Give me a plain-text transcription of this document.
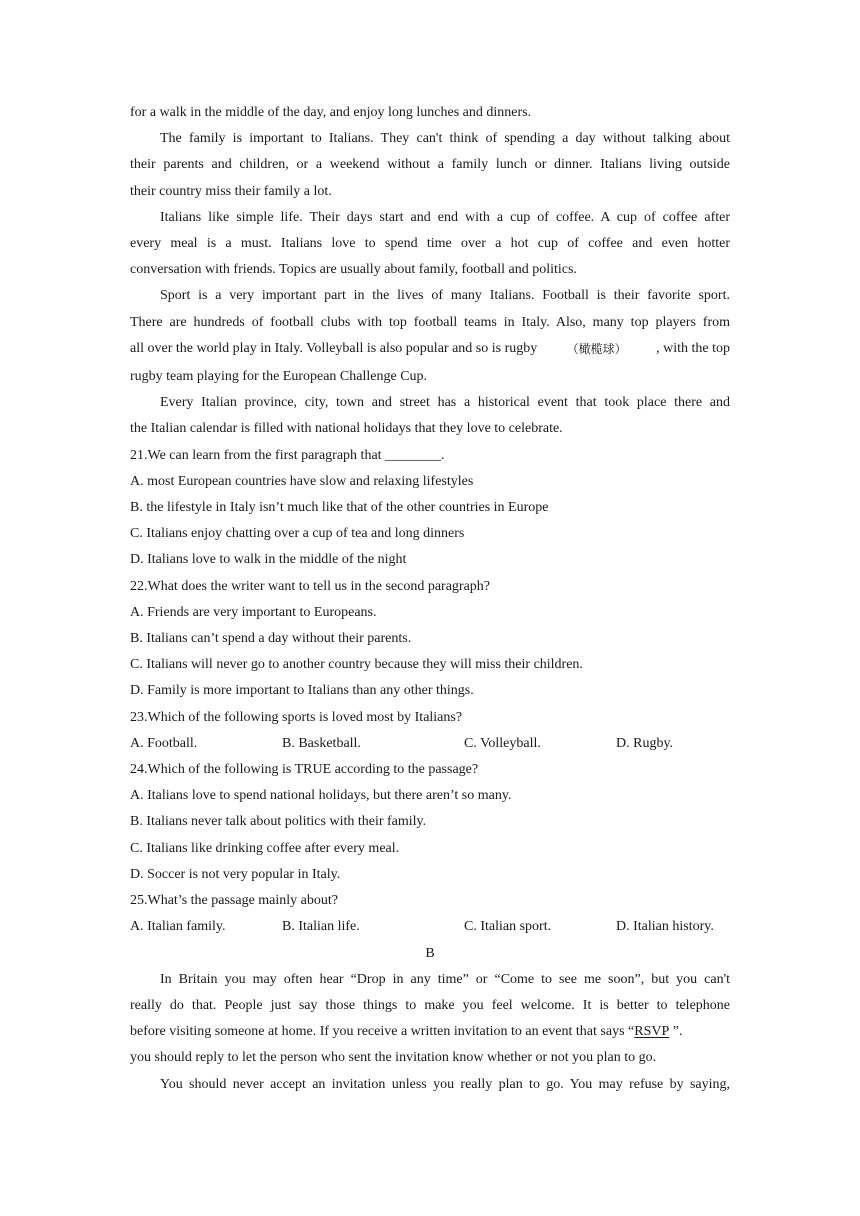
for a walk in the middle of the day, and enjoy long lunches and dinners.
The family is important to Italians. They can't think of spending a day without talking about
their parents and children, or a weekend without a family lunch or dinner. Italians living outside
their country miss their family a lot.
Italians like simple life. Their days start and end with a cup of coffee. A cup of coffee after
every meal is a must. Italians love to spend time over a hot cup of coffee and even hotter
conversation with friends. Topics are usually about family, football and politics.
Sport is a very important part in the lives of many Italians. Football is their favorite sport.
There are hundreds of football clubs with top football teams in Italy. Also, many top players from
all over the world play in Italy. Volleyball is also popular and so is rugby （橄榄球） , with the top
rugby team playing for the European Challenge Cup.
Every Italian province, city, town and street has a historical event that took place there and
the Italian calendar is filled with national holidays that they love to celebrate.
21.We can learn from the first paragraph that ________.
A. most European countries have slow and relaxing lifestyles
B. the lifestyle in Italy isn’t much like that of the other countries in Europe
C. Italians enjoy chatting over a cup of tea and long dinners
D. Italians love to walk in the middle of the night
22.What does the writer want to tell us in the second paragraph?
A. Friends are very important to Europeans.
B. Italians can’t spend a day without their parents.
C. Italians will never go to another country because they will miss their children.
D. Family is more important to Italians than any other things.
23.Which of the following sports is loved most by Italians?
A. Football.	B. Basketball.	C. Volleyball.	D. Rugby.
24.Which of the following is TRUE according to the passage?
A. Italians love to spend national holidays, but there aren’t so many.
B. Italians never talk about politics with their family.
C. Italians like drinking coffee after every meal.
D. Soccer is not very popular in Italy.
25.What’s the passage mainly about?
A. Italian family.	B. Italian life.	C. Italian sport.	D. Italian history.
B
In Britain you may often hear “Drop in any time” or “Come to see me soon”, but you can't
really do that. People just say those things to make you feel welcome. It is better to telephone
before visiting someone at home. If you receive a written invitation to an event that says “ RSVP ”.
you should reply to let the person who sent the invitation know whether or not you plan to go.
You should never accept an invitation unless you really plan to go. You may refuse by saying,
